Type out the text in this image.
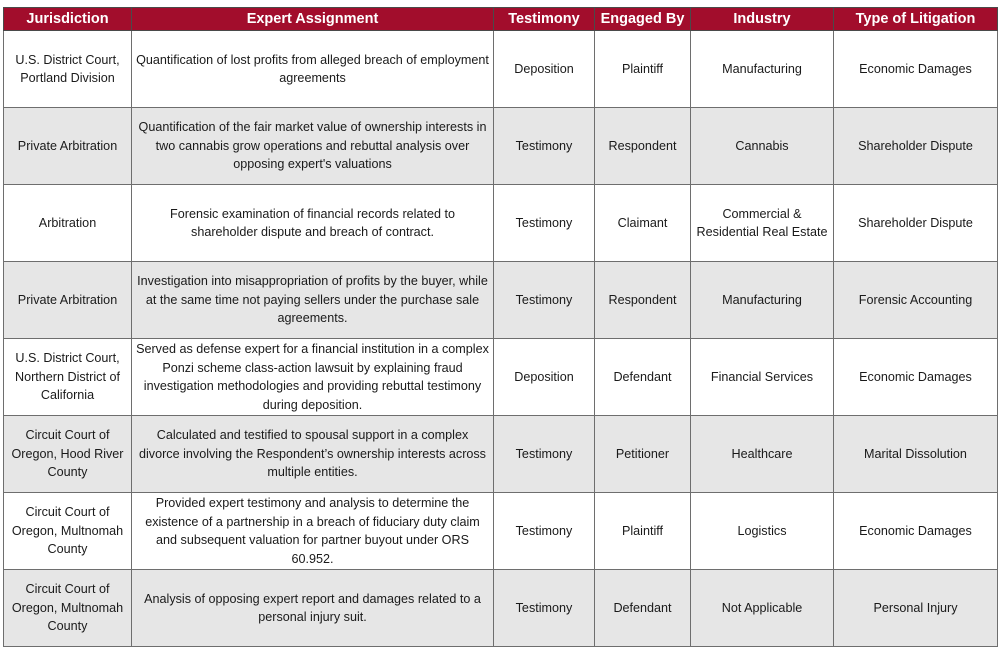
Jurisdiction	Expert Assignment	Testimony	Engaged By	Industry	Type of Litigation
U.S. District Court, Portland Division	Quantification of lost profits from alleged breach of employment agreements	Deposition	Plaintiff	Manufacturing	Economic Damages
Private Arbitration	Quantification of the fair market value of ownership interests in two cannabis grow operations and rebuttal analysis over opposing expert's valuations	Testimony	Respondent	Cannabis	Shareholder Dispute
Arbitration	Forensic examination of financial records related to shareholder dispute and breach of contract.	Testimony	Claimant	Commercial & Residential Real Estate	Shareholder Dispute
Private Arbitration	Investigation into misappropriation of profits by the buyer, while at the same time not paying sellers under the purchase sale agreements.	Testimony	Respondent	Manufacturing	Forensic Accounting
U.S. District Court, Northern District of California	Served as defense expert for a financial institution in a complex Ponzi scheme class-action lawsuit by explaining fraud investigation methodologies and providing rebuttal testimony during deposition.	Deposition	Defendant	Financial Services	Economic Damages
Circuit Court of Oregon, Hood River County	Calculated and testified to spousal support in a complex divorce involving the Respondent’s ownership interests across multiple entities.	Testimony	Petitioner	Healthcare	Marital Dissolution
Circuit Court of Oregon, Multnomah County	Provided expert testimony and analysis to determine the existence of a partnership in a breach of fiduciary duty claim and subsequent valuation for partner buyout under ORS 60.952.	Testimony	Plaintiff	Logistics	Economic Damages
Circuit Court of Oregon, Multnomah County	Analysis of opposing expert report and damages related to a personal injury suit.	Testimony	Defendant	Not Applicable	Personal Injury
